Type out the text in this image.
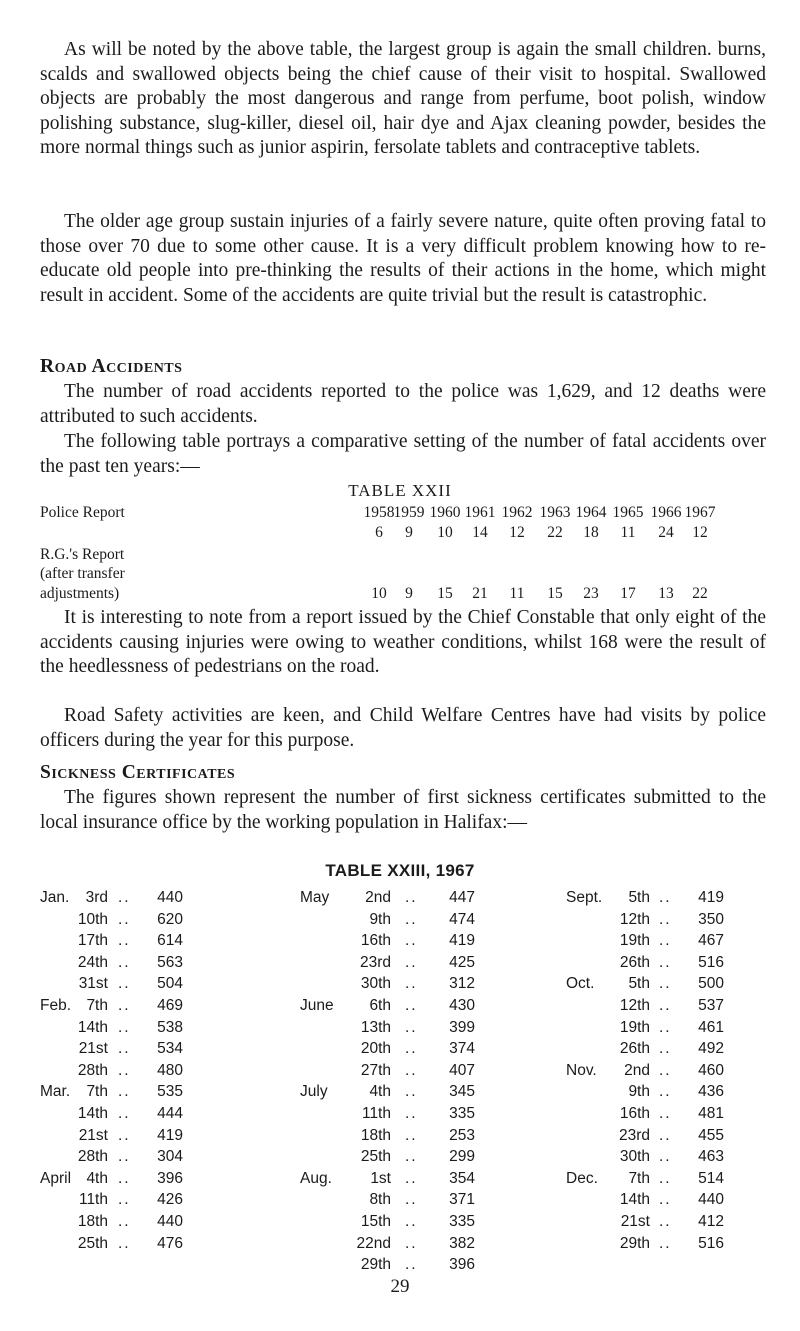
As will be noted by the above table, the largest group is again the small children. burns, scalds and swallowed objects being the chief cause of their visit to hospital. Swallowed objects are probably the most dangerous and range from perfume, boot polish, window polishing substance, slug-killer, diesel oil, hair dye and Ajax cleaning powder, besides the more normal things such as junior aspirin, fersolate tablets and contraceptive tablets.

The older age group sustain injuries of a fairly severe nature, quite often proving fatal to those over 70 due to some other cause. It is a very difficult problem knowing how to re-educate old people into pre-thinking the results of their actions in the home, which might result in accident. Some of the accidents are quite trivial but the result is catastrophic.

Road Accidents

The number of road accidents reported to the police was 1,629, and 12 deaths were attributed to such accidents.

The following table portrays a comparative setting of the number of fatal accidents over the past ten years:—

TABLE XXII
Police Report	1958 1959 1960 1961 1962 1963 1964 1965 1966 1967
6	9	10	14	12	22	18	11	24	12
R.G.'s Report
(after transfer
adjustments)	10	9	15	21	11	15	23	17	13	22

It is interesting to note from a report issued by the Chief Constable that only eight of the accidents causing injuries were owing to weather conditions, whilst 168 were the result of the heedlessness of pedestrians on the road.

Road Safety activities are keen, and Child Welfare Centres have had visits by police officers during the year for this purpose.

Sickness Certificates

The figures shown represent the number of first sickness certificates submitted to the local insurance office by the working population in Halifax:—

TABLE XXIII, 1967
Jan.	3rd ..	440
10th ..	620
17th ..	614
24th ..	563
31st ..	504
Feb. 7th ..	469
14th ..	538
21st ..	534
28th ..	480
Mar.	7th ..	535
14th ..	444
21st ..	419
28th ..	304
April 4th ..	396
11th ..	426
18th ..	440
25th ..	476
May	2nd ..	447
9th ..	474
16th ..	419
23rd ..	425
30th ..	312
June	6th ..	430
13th ..	399
20th ..	374
27th ..	407
July	4th ..	345
11th ..	335
18th ..	253
25th ..	299
Aug.	1st ..	354
8th ..	371
15th ..	335
22nd ..	382
29th ..	396
Sept.	5th ..	419
12th ..	350
19th ..	467
26th ..	516
Oct.	5th ..	500
12th ..	537
19th ..	461
26th ..	492
Nov.	2nd ..	460
9th ..	436
16th ..	481
23rd ..	455
30th ..	463
Dec.	7th ..	514
14th ..	440
21st ..	412
29th ..	516
29
